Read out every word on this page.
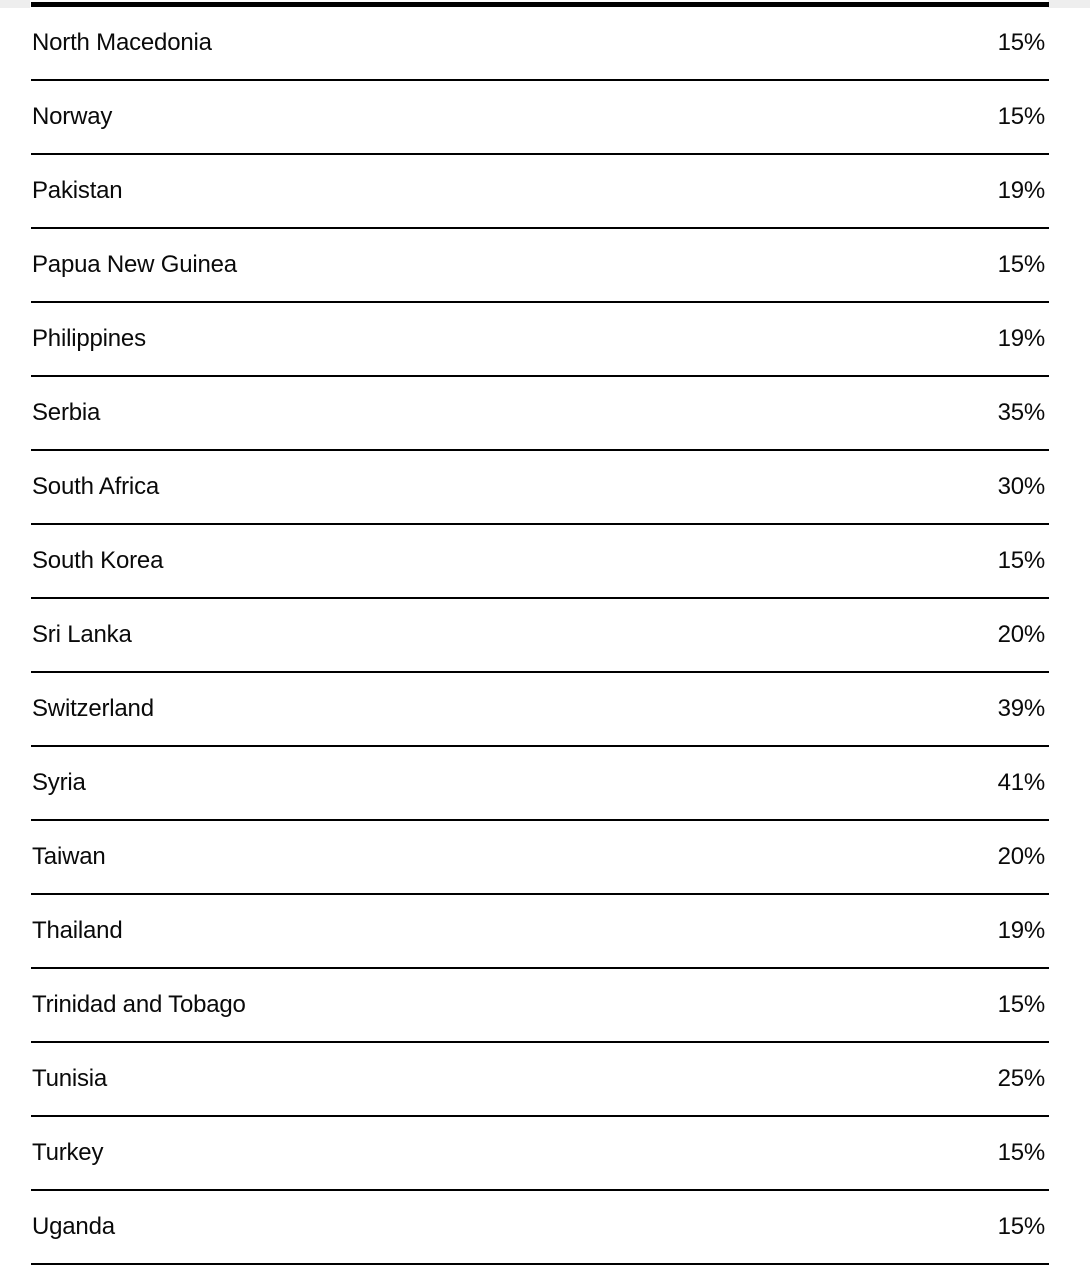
North Macedonia	15%
Norway	15%
Pakistan	19%
Papua New Guinea	15%
Philippines	19%
Serbia	35%
South Africa	30%
South Korea	15%
Sri Lanka	20%
Switzerland	39%
Syria	41%
Taiwan	20%
Thailand	19%
Trinidad and Tobago	15%
Tunisia	25%
Turkey	15%
Uganda	15%
